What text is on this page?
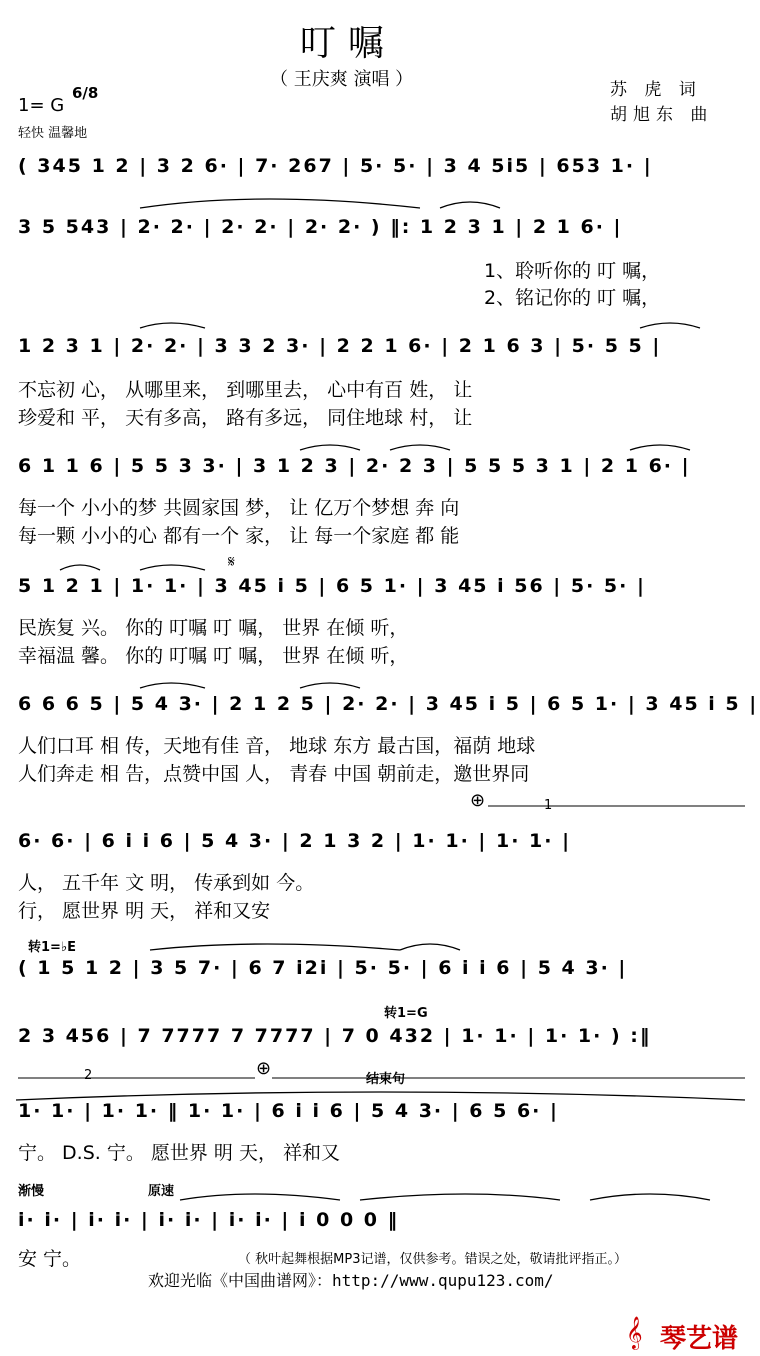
叮嘱
（ 王庆爽 演唱 ）	苏 虎 词
胡旭东 曲
1= G
6/8
轻快 温馨地
( 345 1 2 | 3 2 6· | 7· 267 | 5· 5· | 3 4 5i5 | 653 1· |
3 5 543 | 2· 2· | 2· 2· | 2· 2· ) ‖: 1 2 3 1 | 2 1 6· |
1、聆听你的 叮 嘱，
2、铭记你的 叮 嘱，
1 2 3 1 | 2· 2· | 3 3 2 3· | 2 2 1 6· | 2 1 6 3 | 5· 5 5 |
不忘初 心， 从哪里来， 到哪里去， 心中有百 姓， 让
珍爱和 平， 天有多高， 路有多远， 同住地球 村， 让
6 1 1 6 | 5 5 3 3· | 3 1 2 3 | 2· 2 3 | 5 5 5 3 1 | 2 1 6· |
每一个 小小的梦 共圆家国 梦， 让 亿万个梦想 奔 向
每一颗 小小的心 都有一个 家， 让 每一个家庭 都 能
𝄋
5 1 2 1 | 1· 1· | 3 45 i 5 | 6 5 1· | 3 45 i 56 | 5· 5· |
民族复 兴。 你的 叮嘱 叮 嘱， 世界 在倾 听，
幸福温 馨。 你的 叮嘱 叮 嘱， 世界 在倾 听，
6 6 6 5 | 5 4 3· | 2 1 2 5 | 2· 2· | 3 45 i 5 | 6 5 1· | 3 45 i 5 |
人们口耳 相 传，天地有佳 音， 地球 东方 最古国，福荫 地球
人们奔走 相 告，点赞中国 人， 青春 中国 朝前走，邀世界同
⊕	1
6· 6· | 6 i i 6 | 5 4 3· | 2 1 3 2 | 1· 1· | 1· 1· |
人， 五千年 文 明， 传承到如 今。
行， 愿世界 明 天， 祥和又安
转1=♭E
( 1 5 1 2 | 3 5 7· | 6 7 i2i | 5· 5· | 6 i i 6 | 5 4 3· |
转1=G
2 3 456 | 7 7777 7 7777 | 7 0 432 | 1· 1· | 1· 1· ) :‖
2	⊕
结束句
1· 1· | 1· 1· ‖ 1· 1· | 6 i i 6 | 5 4 3· | 6 5 6· |
宁。 D.S. 宁。 愿世界 明 天， 祥和又
渐慢	原速
i· i· | i· i· | i· i· | i· i· | i 0 0 0 ‖
安 宁。	（ 秋叶起舞根据MP3记谱，仅供参考。错误之处，敬请批评指正。）
欢迎光临《中国曲谱网》：http://www.qupu123.com/
𝄞 琴艺谱
